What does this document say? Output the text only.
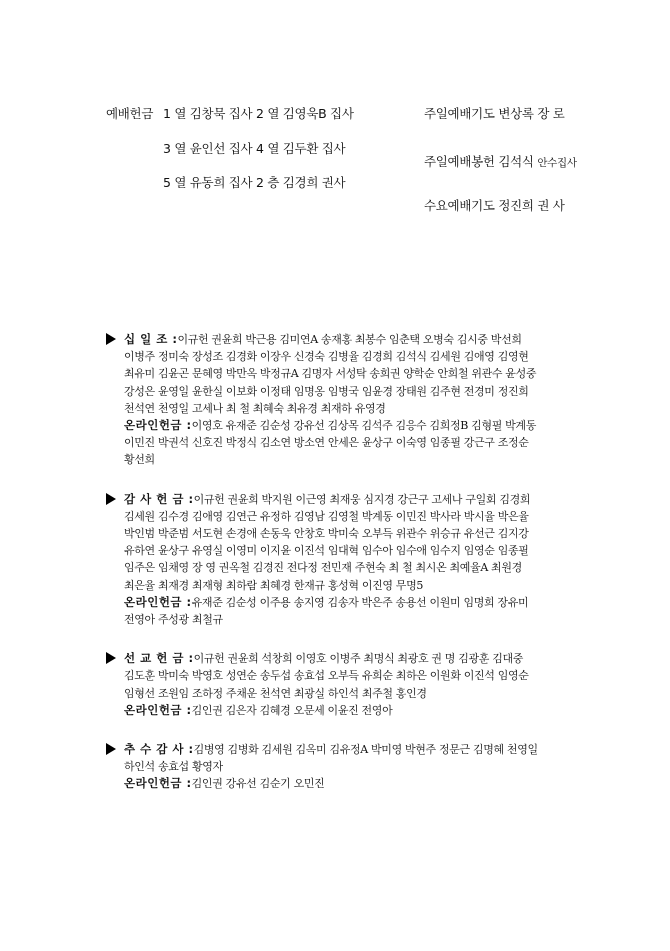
예배헌금 1 열 김창묵 집사 2 열 김영욱B 집사
3 열 윤인선 집사 4 열 김두환 집사
5 열 유동희 집사 2 층 김경희 권사
주일예배기도 변상록 장 로
주일예배봉헌 김석식 안수집사
수요예배기도 정진희 권 사
십 일 조 :이규헌 권윤희 박근용 김미연A 송재홍 최봉수 임춘택 오병숙 김시중 박선희
이병주 정미숙 장성조 김경화 이장우 신경숙 김병율 김경희 김석식 김세원 김애영 김영현
최유미 김윤곤 문혜영 박만옥 박정규A 김명자 서성탁 송희권 양학순 안희철 위관수 윤성중
강성은 윤영일 윤한실 이보화 이정태 임명옹 임병국 임윤경 장태원 김주현 전경미 정진희
천석연 천영일 고세나 최 철 최혜숙 최유경 최재하 유영경
온라인헌금 :이영호 유재준 김순성 강유선 김상목 김석주 김응수 김희정B 김형필 박계동
이민진 박권석 신호진 박정식 김소연 방소연 안세은 윤상구 이숙영 임종필 강근구 조정순
황선희
감 사 헌 금 :이규헌 권윤희 박지원 이근영 최재웅 심지경 강근구 고세나 구일회 김경희
김세원 김수경 김애영 김연근 유정하 김영남 김영철 박계동 이민진 박사라 박시율 박은율
박인범 박준범 서도현 손경애 손동욱 안창호 박미숙 오부득 위관수 위승규 유선근 김지강
유하연 윤상구 유영실 이영미 이지윤 이진석 임대혁 임수아 임수애 임수지 임영순 임종필
임주은 임채영 장 영 권옥철 김경진 전다정 전민재 주현숙 최 철 최시온 최예율A 최원경
최은율 최재경 최재형 최하람 최혜경 한재규 홍성혁 이진영 무명5
온라인헌금 :유재준 김순성 이주용 송지영 김송자 박은주 송용선 이원미 임명희 장유미
전영아 주성광 최철규
선 교 헌 금 :이규헌 권윤희 석창희 이영호 이병주 최명식 최광호 권 명 김광훈 김대중
김도훈 박미숙 박영호 성연순 송두섭 송효섭 오부득 유희순 최하은 이원화 이진석 임영순
임형선 조원임 조하정 주채운 천석연 최광실 하인석 최주철 홍인경
온라인헌금 :김인권 김은자 김혜경 오문세 이윤진 전영아
추 수 감 사 :김병영 김병화 김세원 김옥미 김유정A 박미영 박현주 정문근 김명혜 천영일
하인석 송효섭 황영자
온라인헌금 :김인권 강유선 김순기 오민진
